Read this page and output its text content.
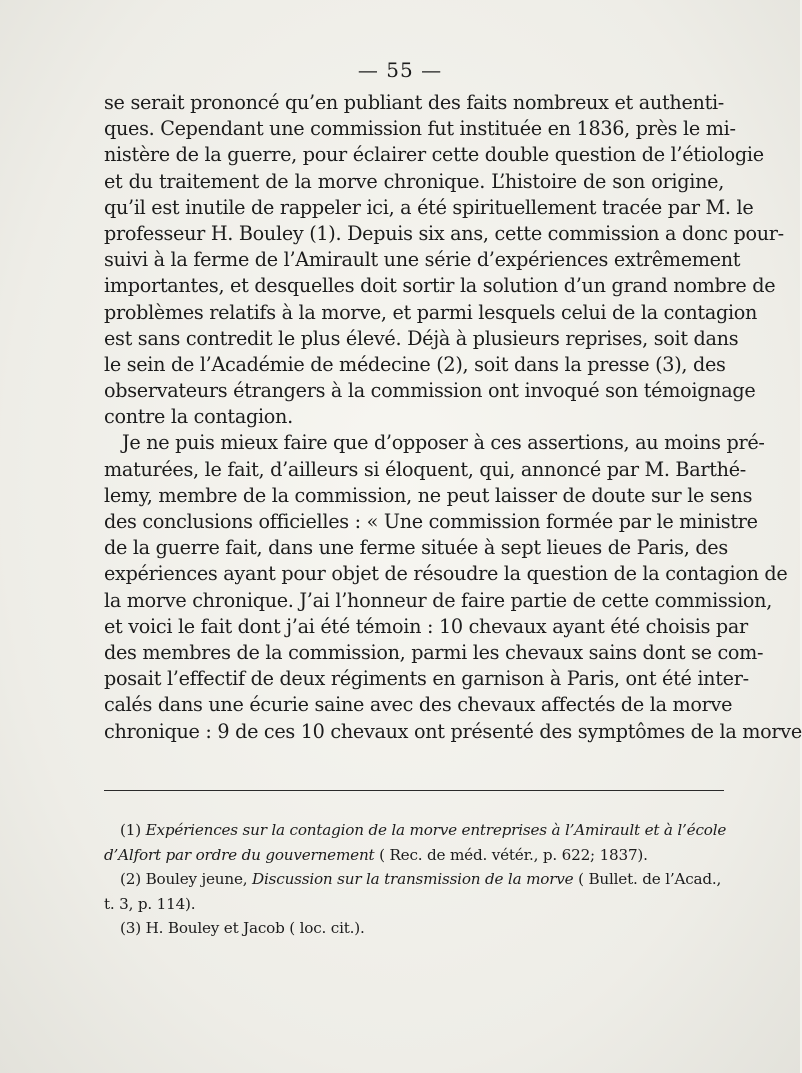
— 55 —
se serait prononcé qu’en publiant des faits nombreux et authenti-
ques. Cependant une commission fut instituée en 1836, près le mi-
nistère de la guerre, pour éclairer cette double question de l’étiologie
et du traitement de la morve chronique. L’histoire de son origine,
qu’il est inutile de rappeler ici, a été spirituellement tracée par M. le
professeur H. Bouley (1). Depuis six ans, cette commission a donc pour-
suivi à la ferme de l’Amirault une série d’expériences extrêmement
importantes, et desquelles doit sortir la solution d’un grand nombre de
problèmes relatifs à la morve, et parmi lesquels celui de la contagion
est sans contredit le plus élevé. Déjà à plusieurs reprises, soit dans
le sein de l’Académie de médecine (2), soit dans la presse (3), des
observateurs étrangers à la commission ont invoqué son témoignage
contre la contagion.
Je ne puis mieux faire que d’opposer à ces assertions, au moins pré-
maturées, le fait, d’ailleurs si éloquent, qui, annoncé par M. Barthé-
lemy, membre de la commission, ne peut laisser de doute sur le sens
des conclusions officielles : « Une commission formée par le ministre
de la guerre fait, dans une ferme située à sept lieues de Paris, des
expériences ayant pour objet de résoudre la question de la contagion de
la morve chronique. J’ai l’honneur de faire partie de cette commission,
et voici le fait dont j’ai été témoin : 10 chevaux ayant été choisis par
des membres de la commission, parmi les chevaux sains dont se com-
posait l’effectif de deux régiments en garnison à Paris, ont été inter-
calés dans une écurie saine avec des chevaux affectés de la morve
chronique : 9 de ces 10 chevaux ont présenté des symptômes de la morve
(1) Expériences sur la contagion de la morve entreprises à l’Amirault et à l’école
d’Alfort par ordre du gouvernement ( Rec. de méd. vétér., p. 622; 1837).
(2) Bouley jeune, Discussion sur la transmission de la morve ( Bullet. de l’Acad.,
t. 3, p. 114).
(3) H. Bouley et Jacob ( loc. cit.).
